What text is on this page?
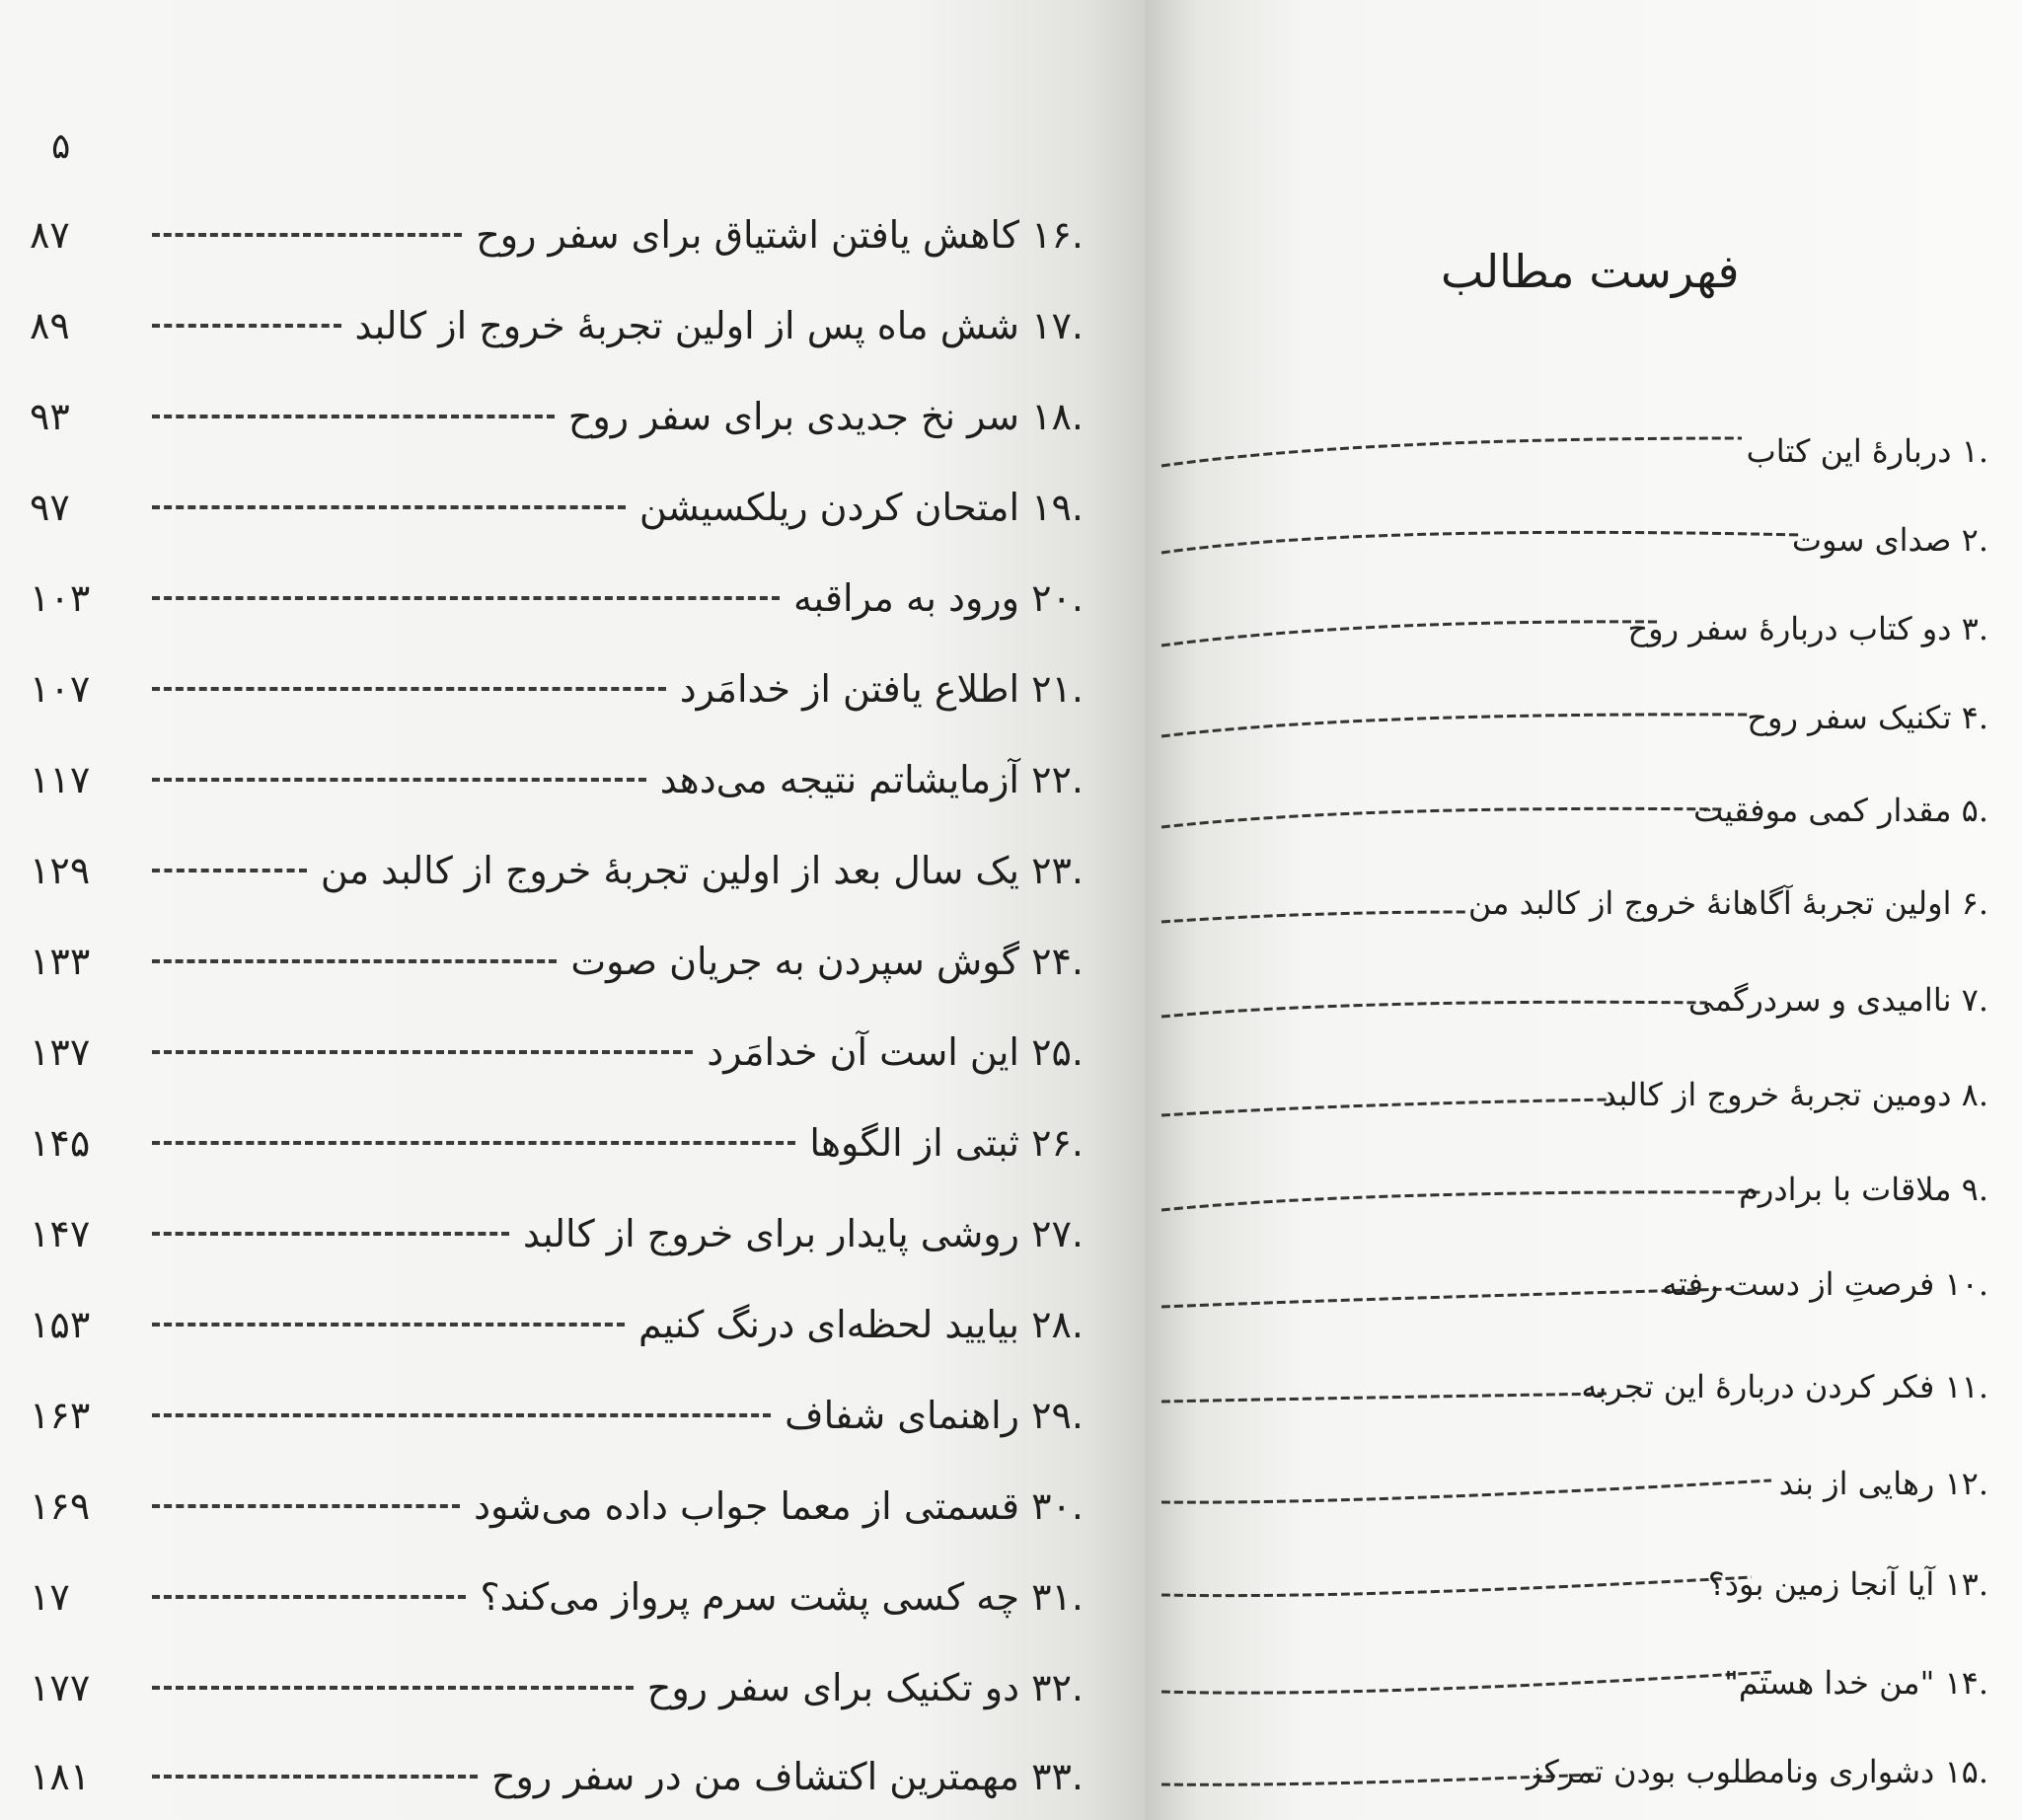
۵
۸۷	.۱۶ کاهش یافتن اشتیاق برای سفر روح
۸۹	.۱۷ شش ماه پس از اولین تجربهٔ خروج از کالبد
۹۳	.۱۸ سر نخ جدیدی برای سفر روح
۹۷	.۱۹ امتحان کردن ریلکسیشن
۱۰۳	.۲۰ ورود به مراقبه
۱۰۷	.۲۱ اطلاع یافتن از خدامَرد
۱۱۷	.۲۲ آزمایشاتم نتیجه می‌دهد
۱۲۹	.۲۳ یک سال بعد از اولین تجربهٔ خروج از کالبد من
۱۳۳	.۲۴ گوش سپردن به جریان صوت
۱۳۷	.۲۵ این است آن خدامَرد
۱۴۵	.۲۶ ثبتی از الگوها
۱۴۷	.۲۷ روشی پایدار برای خروج از کالبد
۱۵۳	.۲۸ بیایید لحظه‌ای درنگ کنیم
۱۶۳	.۲۹ راهنمای شفاف
۱۶۹	.۳۰ قسمتی از معما جواب داده می‌شود
۱۷	.۳۱ چه کسی پشت سرم پرواز می‌کند؟
۱۷۷	.۳۲ دو تکنیک برای سفر روح
۱۸۱	.۳۳ مهمترین اکتشاف من در سفر روح
فهرست مطالب
.۱ دربارهٔ این کتاب
.۲ صدای سوت
.۳ دو کتاب دربارهٔ سفر روح
.۴ تکنیک سفر روح
.۵ مقدار کمی موفقیت
.۶ اولین تجربهٔ آگاهانهٔ خروج از کالبد من
.۷ ناامیدی و سردرگمی
.۸ دومین تجربهٔ خروج از کالبد
.۹ ملاقات با برادرم
.۱۰ فرصتِ از دست رفته
.۱۱ فکر کردن دربارهٔ این تجربه
.۱۲ رهایی از بند
.۱۳ آیا آنجا زمین بود؟
.۱۴ "من خدا هستم"
.۱۵ دشواری ونامطلوب بودن تمرکز
